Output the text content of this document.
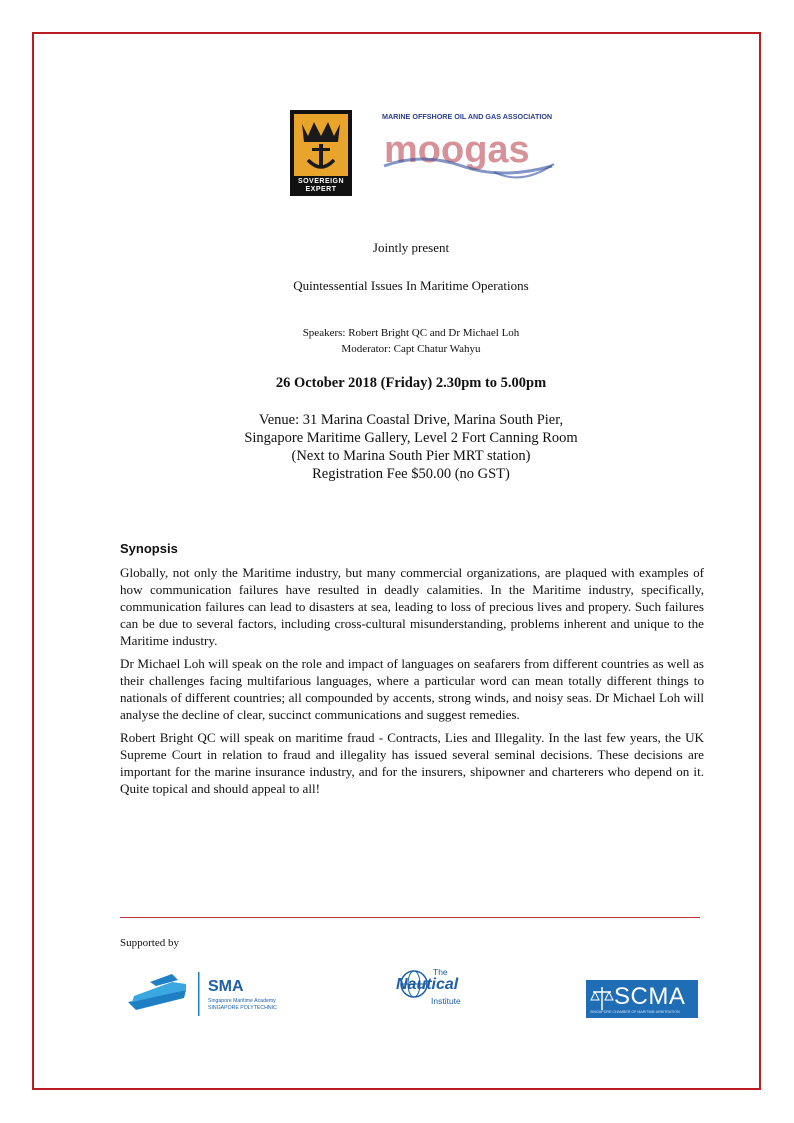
SOVEREIGN
EXPERT
MARINE OFFSHORE OIL AND GAS ASSOCIATION
moogas
Jointly present
Quintessential Issues In Maritime Operations
Speakers: Robert Bright QC and Dr Michael Loh
Moderator: Capt Chatur Wahyu
26 October 2018 (Friday) 2.30pm to 5.00pm
Venue: 31 Marina Coastal Drive, Marina South Pier,
Singapore Maritime Gallery, Level 2 Fort Canning Room
(Next to Marina South Pier MRT station)
Registration Fee $50.00 (no GST)
Synopsis

Globally, not only the Maritime industry, but many commercial organizations, are plaqued with examples of how communication failures have resulted in deadly calamities. In the Maritime industry, specifically, communication failures can lead to disasters at sea, leading to loss of precious lives and propery. Such failures can be due to several factors, including cross-cultural misunderstanding, problems inherent and unique to the Maritime industry.

Dr Michael Loh will speak on the role and impact of languages on seafarers from different countries as well as their challenges facing multifarious languages, where a particular word can mean totally different things to nationals of different countries; all compounded by accents, strong winds, and noisy seas. Dr Michael Loh will analyse the decline of clear, succinct communications and suggest remedies.

Robert Bright QC will speak on maritime fraud - Contracts, Lies and Illegality. In the last few years, the UK Supreme Court in relation to fraud and illegality has issued several seminal decisions. These decisions are important for the marine insurance industry, and for the insurers, shipowner and charterers who depend on it. Quite topical and should appeal to all!

Supported by
SMA
Singapore Maritime Academy
SINGAPORE POLYTECHNIC
The
Nautical
Institute	SCMA
SINGAPORE CHAMBER OF MARITIME ARBITRATION
